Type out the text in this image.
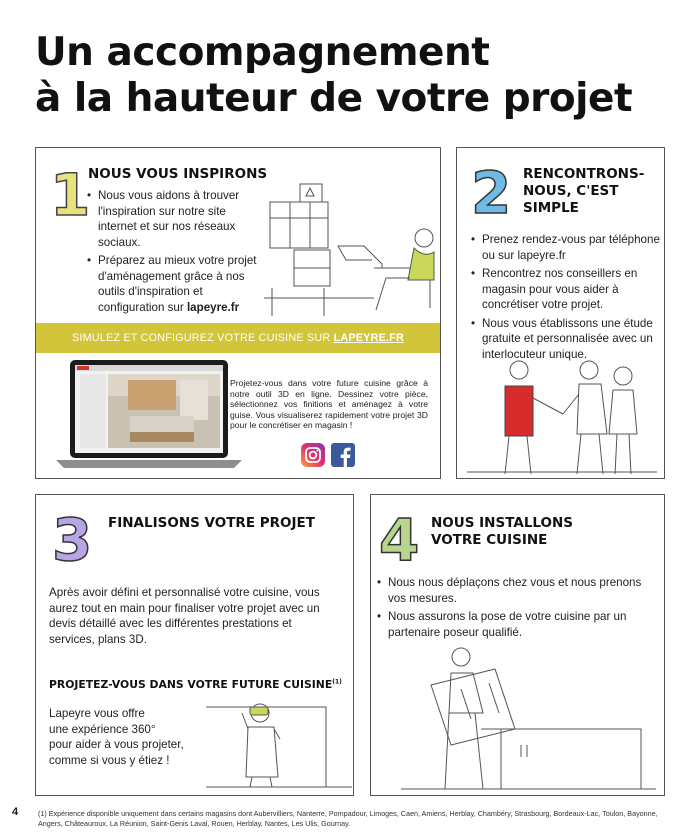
Un accompagnement
à la hauteur de votre projet
1
NOUS VOUS INSPIRONS
• Nous vous aidons à trouver l'inspiration sur notre site internet et sur nos réseaux sociaux.
• Préparez au mieux votre projet d'aménagement grâce à nos outils d'inspiration et configuration sur lapeyre.fr
SIMULEZ ET CONFIGUREZ VOTRE CUISINE SUR LAPEYRE.FR
Projetez-vous dans votre future cuisine grâce à notre outil 3D en ligne. Dessinez votre pièce, sélectionnez vos finitions et aménagez à votre guise. Vous visualiserez rapidement votre projet 3D pour le concrétiser en magasin !
2 RENCONTRONS-
NOUS, C'EST
SIMPLE
• Prenez rendez-vous par téléphone ou sur lapeyre.fr
• Rencontrez nos conseillers en magasin pour vous aider à concrétiser votre projet.
• Nous vous établissons une étude gratuite et personnalisée avec un interlocuteur unique.
3 FINALISONS VOTRE PROJET
Après avoir défini et personnalisé votre cuisine, vous aurez tout en main pour finaliser votre projet avec un devis détaillé avec les différentes prestations et services, plans 3D.
PROJETEZ-VOUS DANS VOTRE FUTURE CUISINE$^{(1)}$
Lapeyre vous offre
une expérience 360°
pour aider à vous projeter,
comme si vous y étiez !
4 NOUS INSTALLONS
VOTRE CUISINE
• Nous nous déplaçons chez vous et nous prenons vos mesures.
• Nous assurons la pose de votre cuisine par un partenaire poseur qualifié.
4	(1) Expérience disponible uniquement dans certains magasins dont Aubervilliers, Nanterre, Pompadour, Limoges, Caen, Amiens, Herblay, Chambéry, Strasbourg, Bordeaux-Lac, Toulon, Bayonne, Angers, Châteauroux, La Réunion, Saint-Genis Laval, Rouen, Herblay, Nantes, Les Ulis, Gournay.
